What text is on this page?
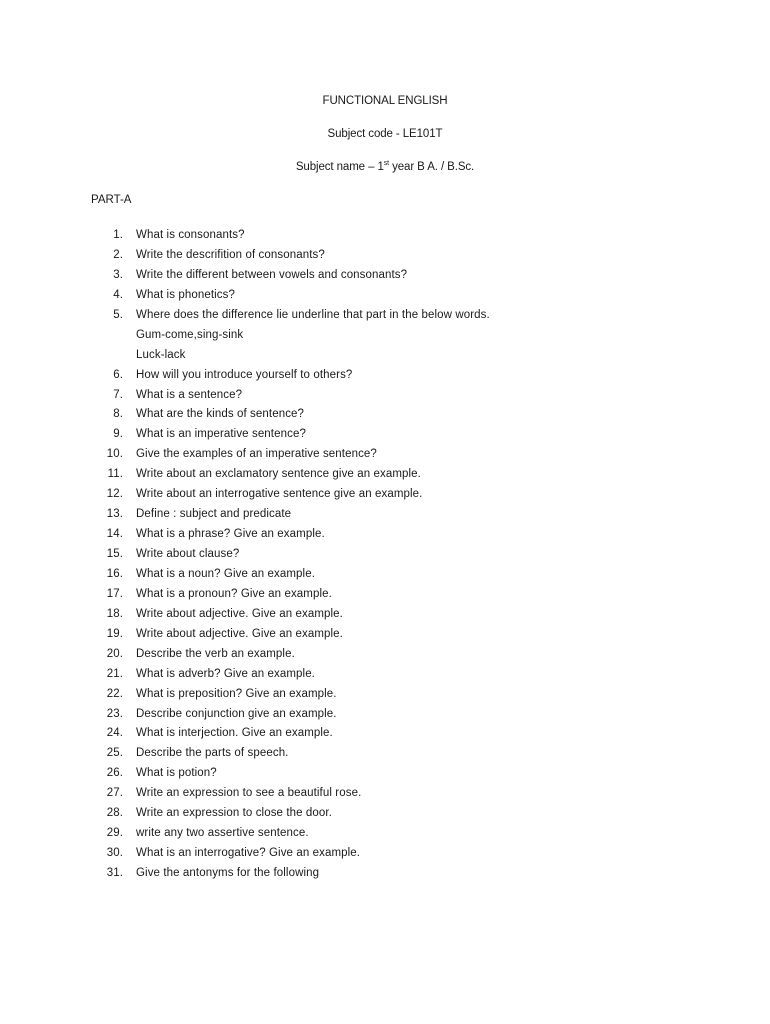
FUNCTIONAL ENGLISH
Subject code - LE101T
Subject name – 1st year B A. / B.Sc.
PART-A
1. What is consonants?
2. Write the descrifition of consonants?
3. Write the different between vowels and consonants?
4. What is phonetics?
5. Where does the difference lie underline that part in the below words.
Gum-come,sing-sink
Luck-lack
6. How will you introduce yourself to others?
7. What is a sentence?
8. What are the kinds of sentence?
9. What is an imperative sentence?
10. Give the examples of an imperative sentence?
11. Write about an exclamatory sentence give an example.
12. Write about an interrogative sentence give an example.
13. Define : subject and predicate
14. What is a phrase? Give an example.
15. Write about clause?
16. What is a noun? Give an example.
17. What is a pronoun? Give an example.
18. Write about adjective. Give an example.
19. Write about adjective. Give an example.
20. Describe the verb an example.
21. What is adverb? Give an example.
22. What is preposition? Give an example.
23. Describe conjunction give an example.
24. What is interjection. Give an example.
25. Describe the parts of speech.
26. What is potion?
27. Write an expression to see a beautiful rose.
28. Write an expression to close the door.
29. write any two assertive sentence.
30. What is an interrogative? Give an example.
31. Give the antonyms for the following
